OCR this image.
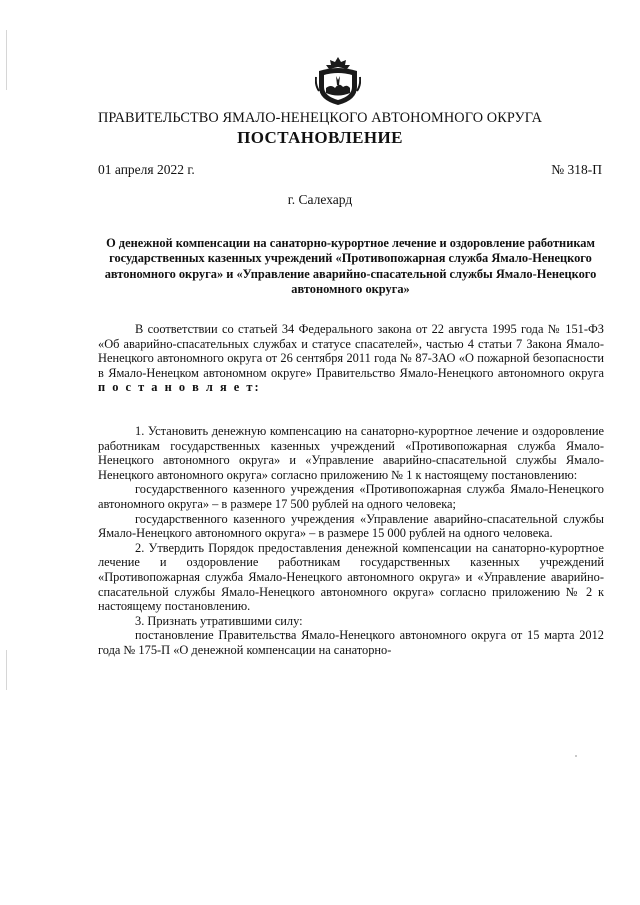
ПРАВИТЕЛЬСТВО ЯМАЛО-НЕНЕЦКОГО АВТОНОМНОГО ОКРУГА
ПОСТАНОВЛЕНИЕ
01 апреля 2022 г.	№ 318-П
г. Салехард
О денежной компенсации на санаторно-курортное лечение и оздоровление работникам государственных казенных учреждений «Противопожарная служба Ямало-Ненецкого автономного округа» и «Управление аварийно-спасательной службы Ямало-Ненецкого автономного округа»

В соответствии со статьей 34 Федерального закона от 22 августа 1995 года № 151-ФЗ «Об аварийно-спасательных службах и статусе спасателей», частью 4 статьи 7 Закона Ямало-Ненецкого автономного округа от 26 сентября 2011 года № 87-ЗАО «О пожарной безопасности в Ямало-Ненецком автономном округе» Правительство Ямало-Ненецкого автономного округа п о с т а н о в л я е т:

1. Установить денежную компенсацию на санаторно-курортное лечение и оздоровление работникам государственных казенных учреждений «Противопожарная служба Ямало-Ненецкого автономного округа» и «Управление аварийно-спасательной службы Ямало-Ненецкого автономного округа» согласно приложению № 1 к настоящему постановлению:

государственного казенного учреждения «Противопожарная служба Ямало-Ненецкого автономного округа» – в размере 17 500 рублей на одного человека;

государственного казенного учреждения «Управление аварийно-спасательной службы Ямало-Ненецкого автономного округа» – в размере 15 000 рублей на одного человека.

2. Утвердить Порядок предоставления денежной компенсации на санаторно-курортное лечение и оздоровление работникам государственных казенных учреждений «Противопожарная служба Ямало-Ненецкого автономного округа» и «Управление аварийно-спасательной службы Ямало-Ненецкого автономного округа» согласно приложению № 2 к настоящему постановлению.

3. Признать утратившими силу:

постановление Правительства Ямало-Ненецкого автономного округа от 15 марта 2012 года № 175-П «О денежной компенсации на санаторно-
